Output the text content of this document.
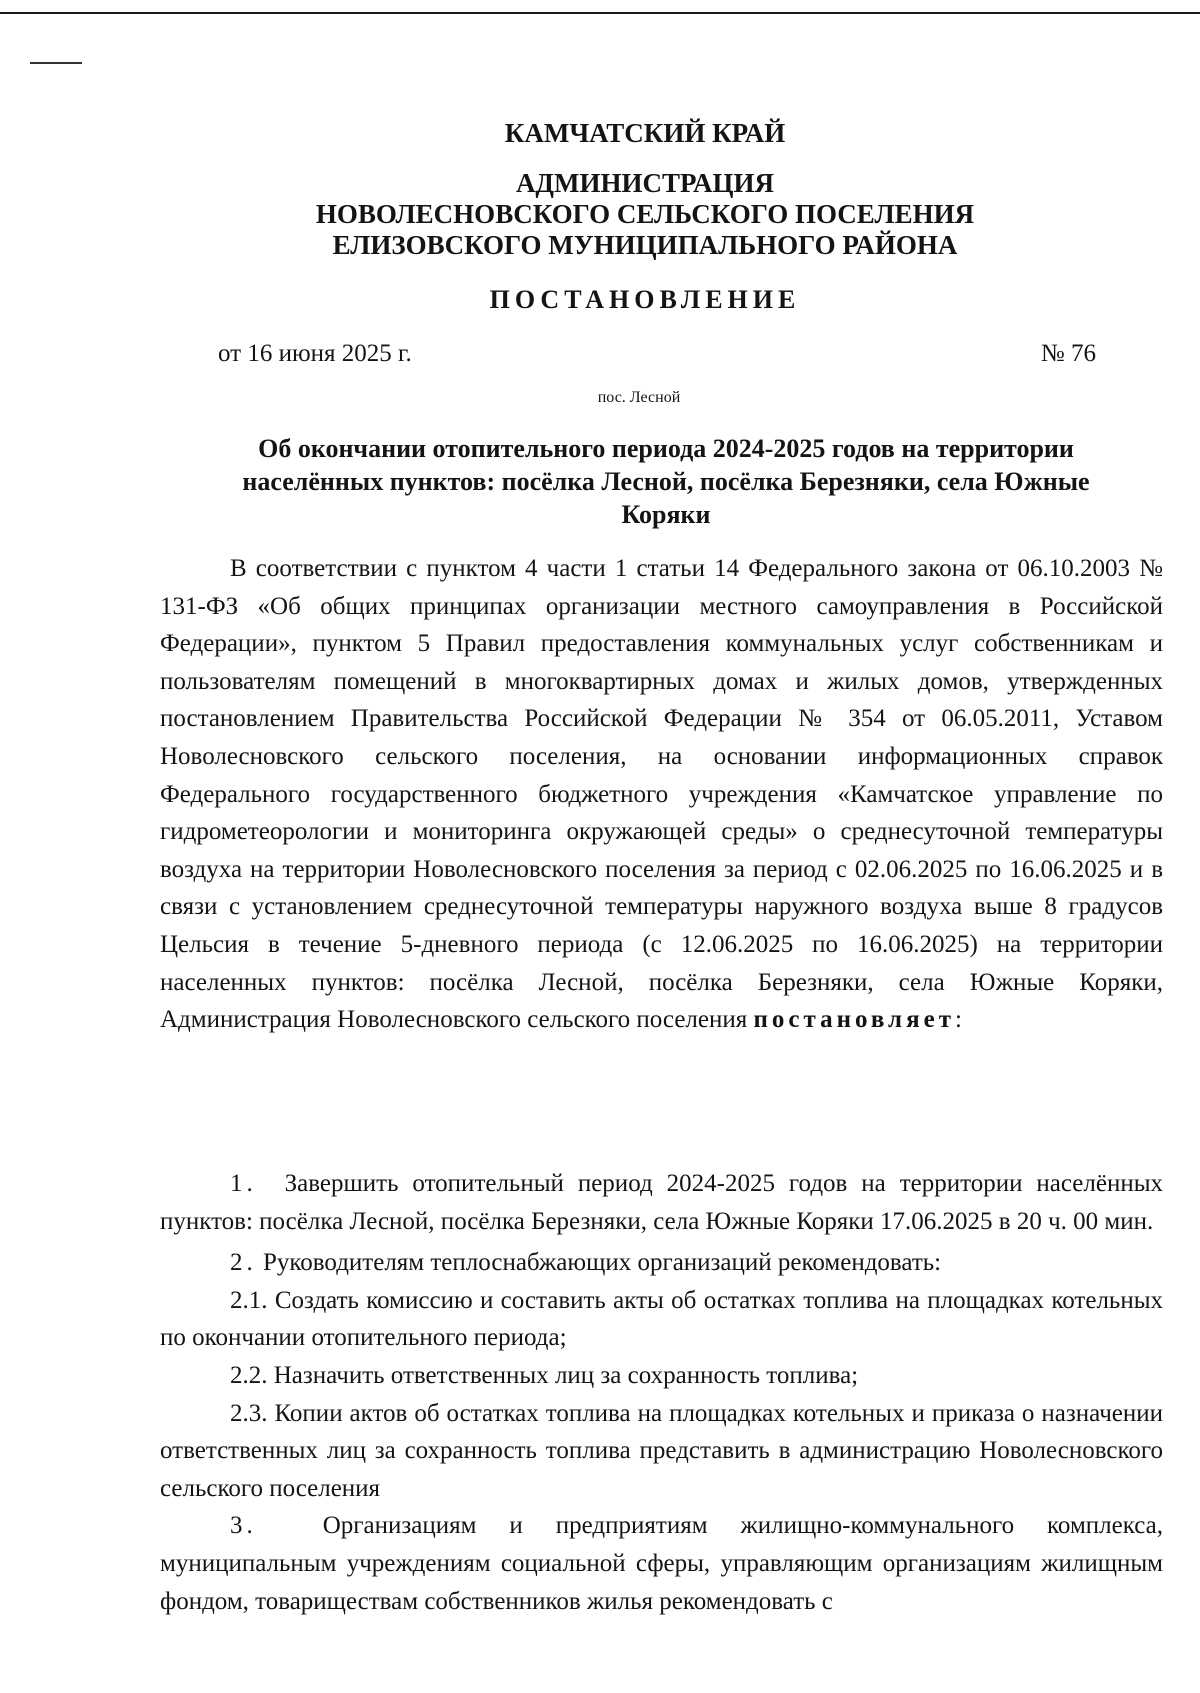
КАМЧАТСКИЙ КРАЙ
АДМИНИСТРАЦИЯ
НОВОЛЕСНОВСКОГО СЕЛЬСКОГО ПОСЕЛЕНИЯ
ЕЛИЗОВСКОГО МУНИЦИПАЛЬНОГО РАЙОНА
ПОСТАНОВЛЕНИЕ
от 16 июня 2025 г.	№ 76
пос. Лесной
Об окончании отопительного периода 2024-2025 годов на территории населённых пунктов: посёлка Лесной, посёлка Березняки, села Южные Коряки

В соответствии с пунктом 4 части 1 статьи 14 Федерального закона от 06.10.2003 № 131-ФЗ «Об общих принципах организации местного самоуправления в Российской Федерации», пунктом 5 Правил предоставления коммунальных услуг собственникам и пользователям помещений в многоквартирных домах и жилых домов, утвержденных постановлением Правительства Российской Федерации № 354 от 06.05.2011, Уставом Новолесновского сельского поселения, на основании информационных справок Федерального государственного бюджетного учреждения «Камчатское управление по гидрометеорологии и мониторинга окружающей среды» о среднесуточной температуры воздуха на территории Новолесновского поселения за период с 02.06.2025 по 16.06.2025 и в связи с установлением среднесуточной температуры наружного воздуха выше 8 градусов Цельсия в течение 5-дневного периода (с 12.06.2025 по 16.06.2025) на территории населенных пунктов: посёлка Лесной, посёлка Березняки, села Южные Коряки, Администрация Новолесновского сельского поселения постановляет:

1. Завершить отопительный период 2024-2025 годов на территории населённых пунктов: посёлка Лесной, посёлка Березняки, села Южные Коряки 17.06.2025 в 20 ч. 00 мин.

2. Руководителям теплоснабжающих организаций рекомендовать:

2.1. Создать комиссию и составить акты об остатках топлива на площадках котельных по окончании отопительного периода;

2.2. Назначить ответственных лиц за сохранность топлива;

2.3. Копии актов об остатках топлива на площадках котельных и приказа о назначении ответственных лиц за сохранность топлива представить в администрацию Новолесновского сельского поселения

3.	Организациям и предприятиям жилищно-коммунального комплекса, муниципальным учреждениям социальной сферы, управляющим организациям жилищным фондом, товариществам собственников жилья рекомендовать с
